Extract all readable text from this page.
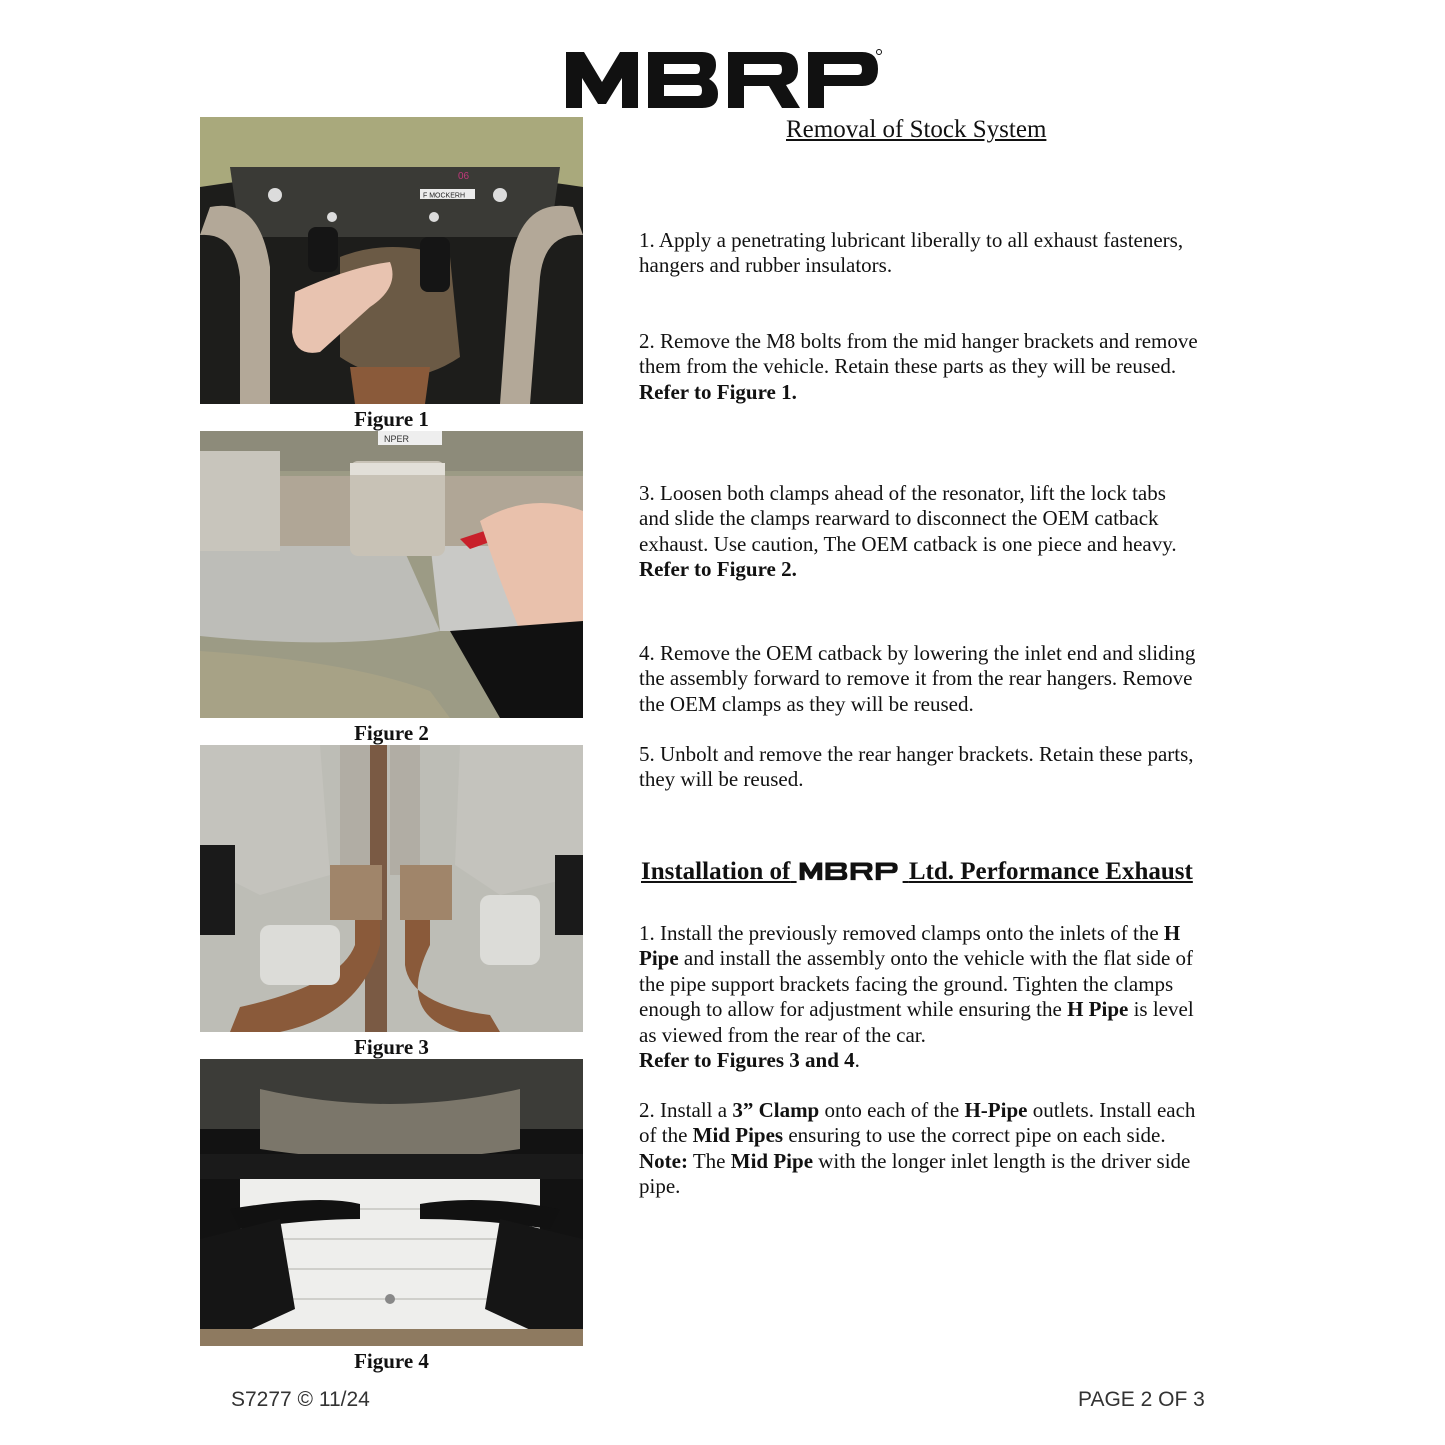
Removal of Stock System
F MOCKERH
06
Figure 1
NPER
Figure 2
Figure 3
Figure 4
1. Apply a penetrating lubricant liberally to all exhaust fasteners, hangers and rubber insulators.
2. Remove the M8 bolts from the mid hanger brackets and remove them from the vehicle. Retain these parts as they will be reused.
Refer to Figure 1.
3. Loosen both clamps ahead of the resonator, lift the lock tabs and slide the clamps rearward to disconnect the OEM catback exhaust. Use caution, The OEM catback is one piece and heavy.
Refer to Figure 2.
4. Remove the OEM catback by lowering the inlet end and sliding the assembly forward to remove it from the rear hangers. Remove the OEM clamps as they will be reused.
5. Unbolt and remove the rear hanger brackets. Retain these parts, they will be reused.
Installation of	Ltd. Performance Exhaust
1. Install the previously removed clamps onto the inlets of the H Pipe and install the assembly onto the vehicle with the flat side of the pipe support brackets facing the ground. Tighten the clamps enough to allow for adjustment while ensuring the H Pipe is level as viewed from the rear of the car.
Refer to Figures 3 and 4.
2. Install a 3” Clamp onto each of the H-Pipe outlets. Install each of the Mid Pipes ensuring to use the correct pipe on each side.
Note: The Mid Pipe with the longer inlet length is the driver side pipe.
S7277 © 11/24	PAGE 2 OF 3
